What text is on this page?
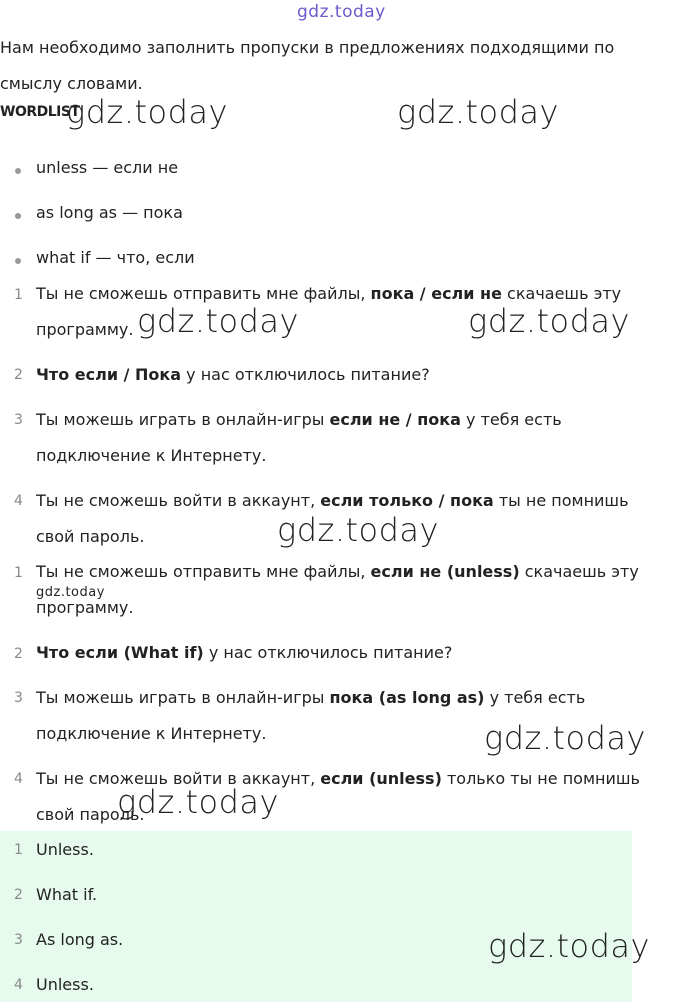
gdz.today
Нам необходимо заполнить пропуски в предложениях подходящими по смыслу словами.
WORDLIST
unless — если не
as long as — пока
what if — что, если
1 Ты не сможешь отправить мне файлы, пока / если не скачаешь эту программу.
2 Что если / Пока у нас отключилось питание?
3 Ты можешь играть в онлайн-игры если не / пока у тебя есть подключение к Интернету.
4 Ты не сможешь войти в аккаунт, если только / пока ты не помнишь свой пароль.
1 Ты не сможешь отправить мне файлы, если не (unless) скачаешь эту программу.
2 Что если (What if) у нас отключилось питание?
3 Ты можешь играть в онлайн-игры пока (as long as) у тебя есть подключение к Интернету.
4 Ты не сможешь войти в аккаунт, если (unless) только ты не помнишь свой пароль.
1 Unless.
2 What if.
3 As long as.
4 Unless.
gdz.today	gdz.today
gdz.today	gdz.today
gdz.today
gdz.today
gdz.today
gdz.today
gdz.today
